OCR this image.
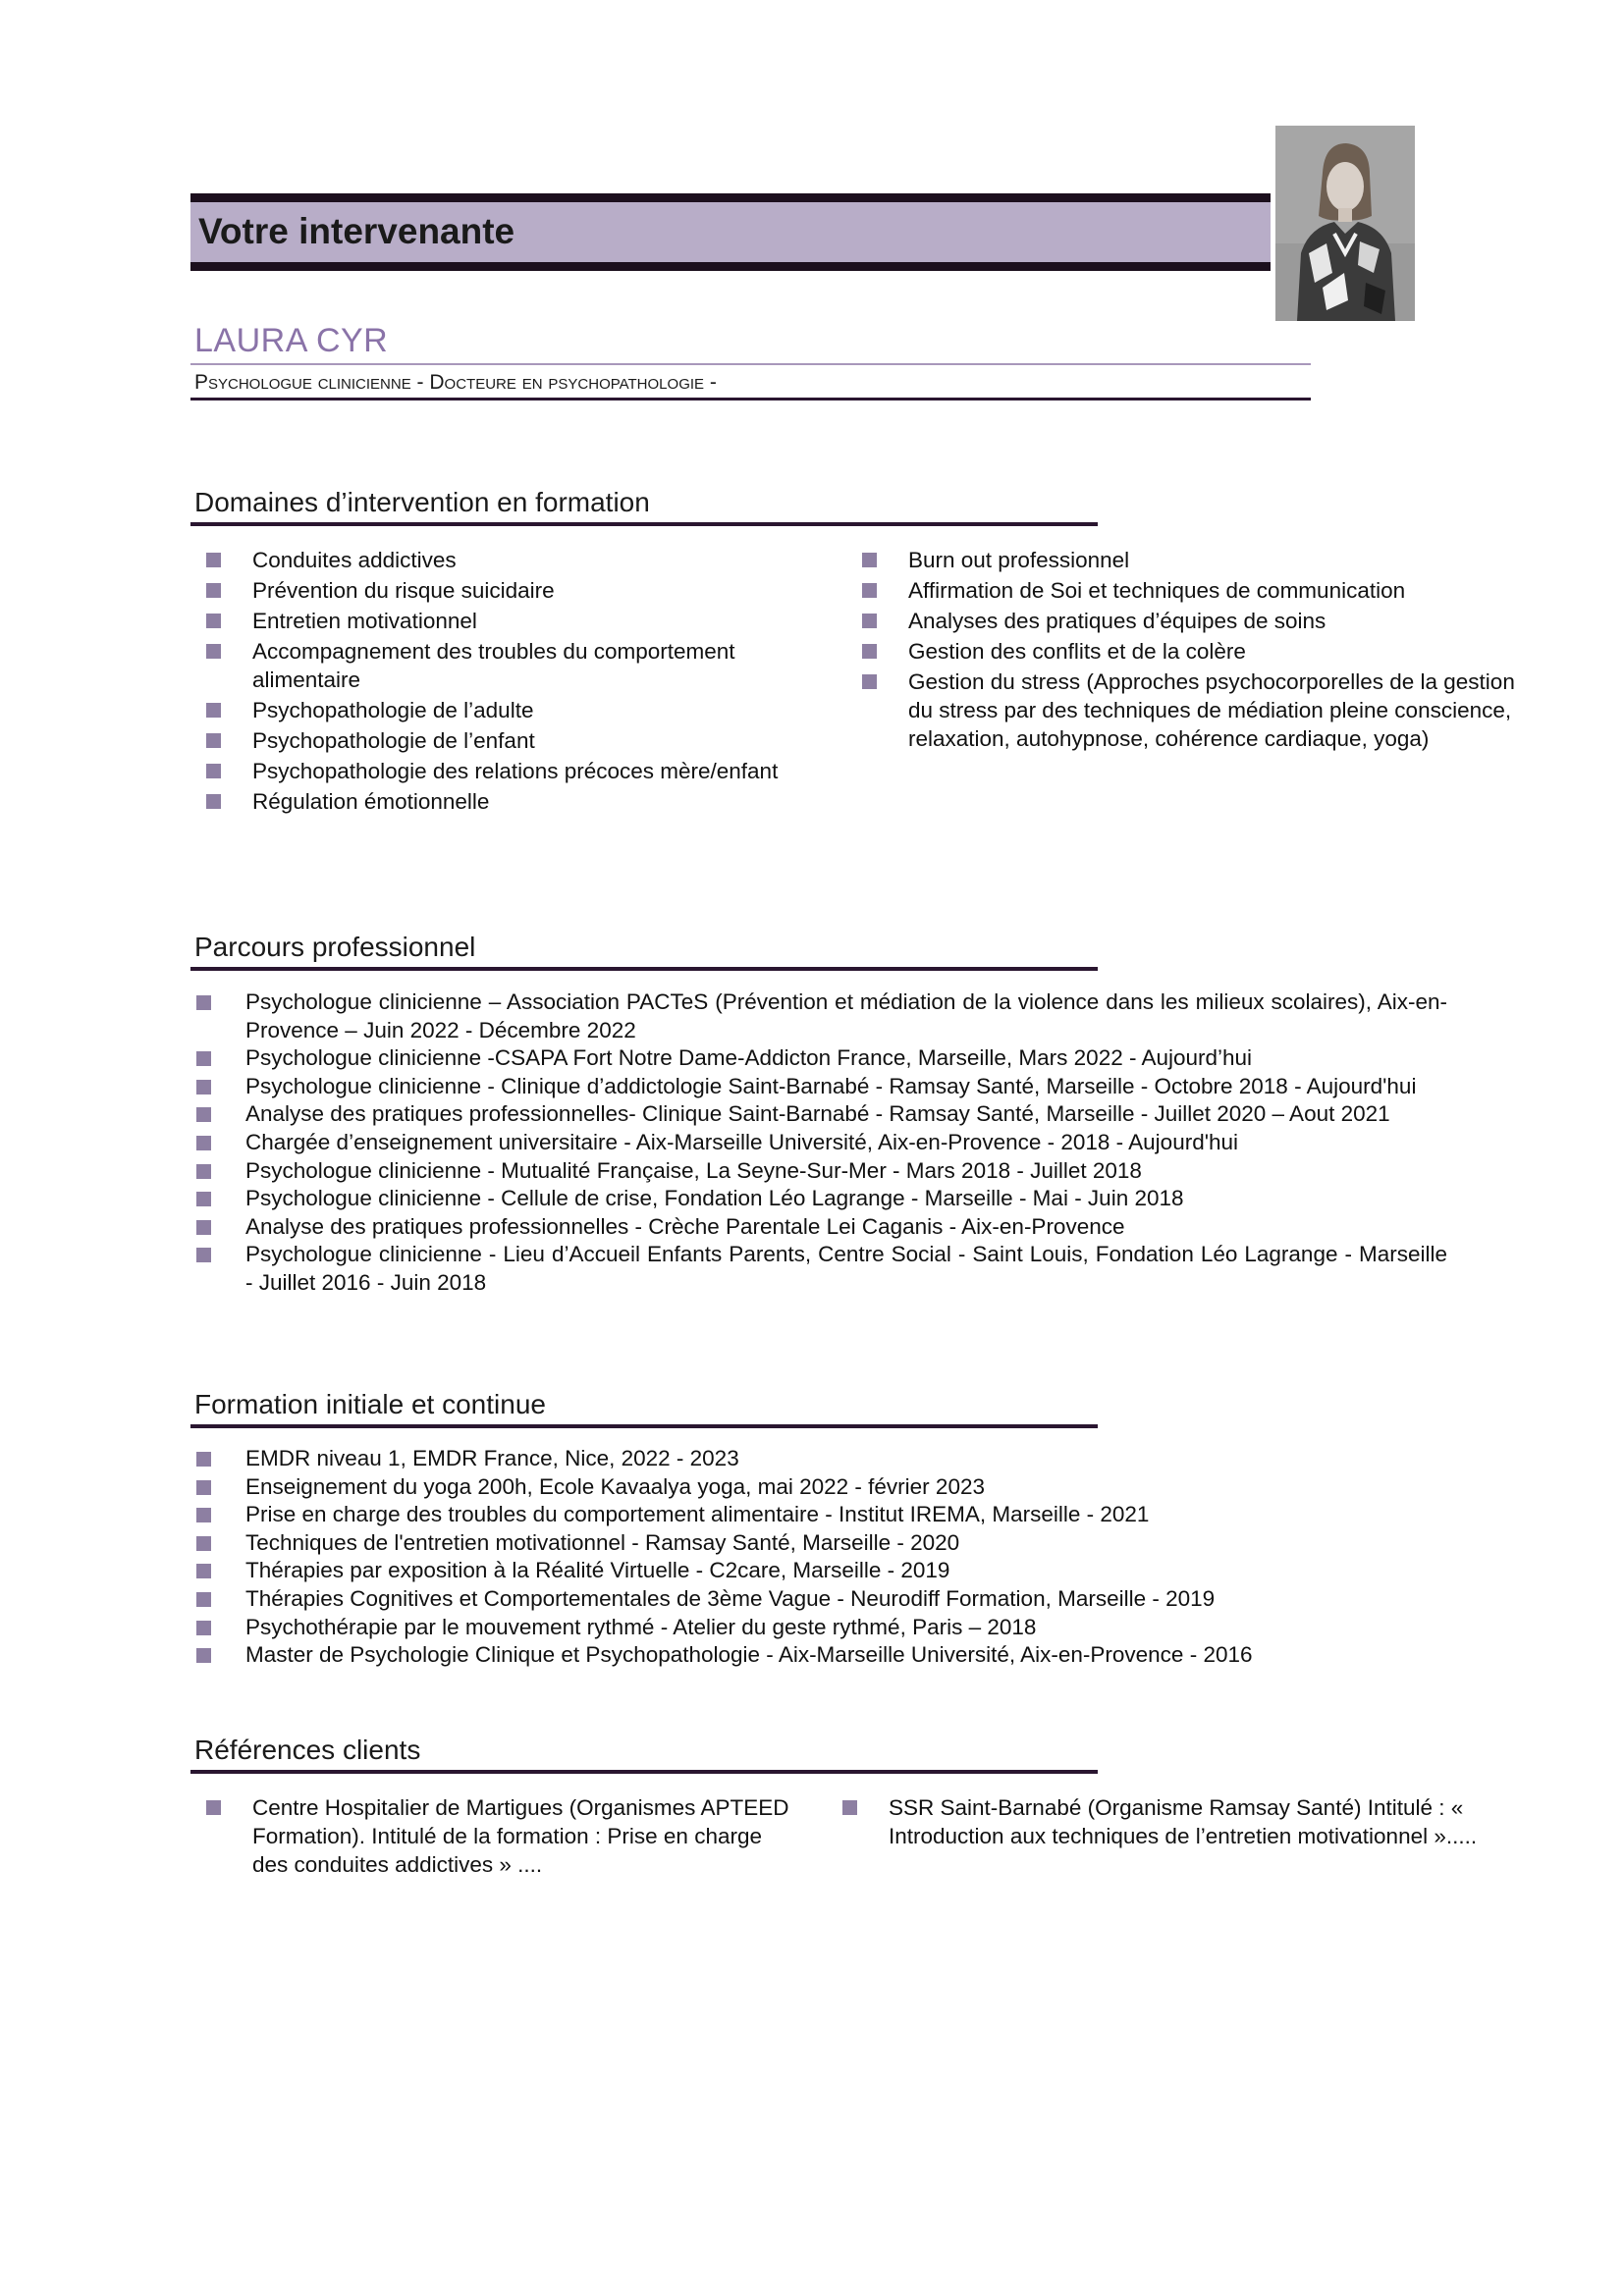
Votre intervenante
LAURA CYR
Psychologue clinicienne - Docteure en psychopathologie -
Domaines d’intervention en formation
Conduites addictives
Prévention du risque suicidaire
Entretien motivationnel
Accompagnement des troubles du comportement alimentaire
Psychopathologie de l’adulte
Psychopathologie de l’enfant
Psychopathologie des relations précoces mère/enfant
Régulation émotionnelle
Burn out professionnel
Affirmation de Soi et techniques de communication
Analyses des pratiques d’équipes de soins
Gestion des conflits et de la colère
Gestion du stress (Approches psychocorporelles de la gestion du stress par des techniques de médiation pleine conscience, relaxation, autohypnose, cohérence cardiaque, yoga)
Parcours professionnel
Psychologue clinicienne – Association PACTeS (Prévention et médiation de la violence dans les milieux scolaires), Aix-en-Provence – Juin 2022 - Décembre 2022
Psychologue clinicienne -CSAPA Fort Notre Dame-Addicton France, Marseille, Mars 2022 - Aujourd’hui
Psychologue clinicienne - Clinique d’addictologie Saint-Barnabé - Ramsay Santé, Marseille - Octobre 2018 - Aujourd'hui
Analyse des pratiques professionnelles- Clinique Saint-Barnabé - Ramsay Santé, Marseille - Juillet 2020 – Aout 2021
Chargée d’enseignement universitaire - Aix-Marseille Université, Aix-en-Provence - 2018 - Aujourd'hui
Psychologue clinicienne - Mutualité Française, La Seyne-Sur-Mer - Mars 2018 - Juillet 2018
Psychologue clinicienne - Cellule de crise, Fondation Léo Lagrange - Marseille - Mai - Juin 2018
Analyse des pratiques professionnelles - Crèche Parentale Lei Caganis - Aix-en-Provence
Psychologue clinicienne - Lieu d’Accueil Enfants Parents, Centre Social - Saint Louis, Fondation Léo Lagrange - Marseille - Juillet 2016 - Juin 2018
Formation initiale et continue
EMDR niveau 1, EMDR France, Nice, 2022 - 2023
Enseignement du yoga 200h, Ecole Kavaalya yoga, mai 2022 - février 2023
Prise en charge des troubles du comportement alimentaire - Institut IREMA, Marseille - 2021
Techniques de l'entretien motivationnel - Ramsay Santé, Marseille - 2020
Thérapies par exposition à la Réalité Virtuelle - C2care, Marseille - 2019
Thérapies Cognitives et Comportementales de 3ème Vague - Neurodiff Formation, Marseille - 2019
Psychothérapie par le mouvement rythmé - Atelier du geste rythmé, Paris – 2018
Master de Psychologie Clinique et Psychopathologie - Aix-Marseille Université, Aix-en-Provence - 2016
Références clients
Centre Hospitalier de Martigues (Organismes APTEED Formation). Intitulé de la formation : Prise en charge des conduites addictives » ....
SSR Saint-Barnabé (Organisme Ramsay Santé) Intitulé : « Introduction aux techniques de l’entretien motivationnel ».....
